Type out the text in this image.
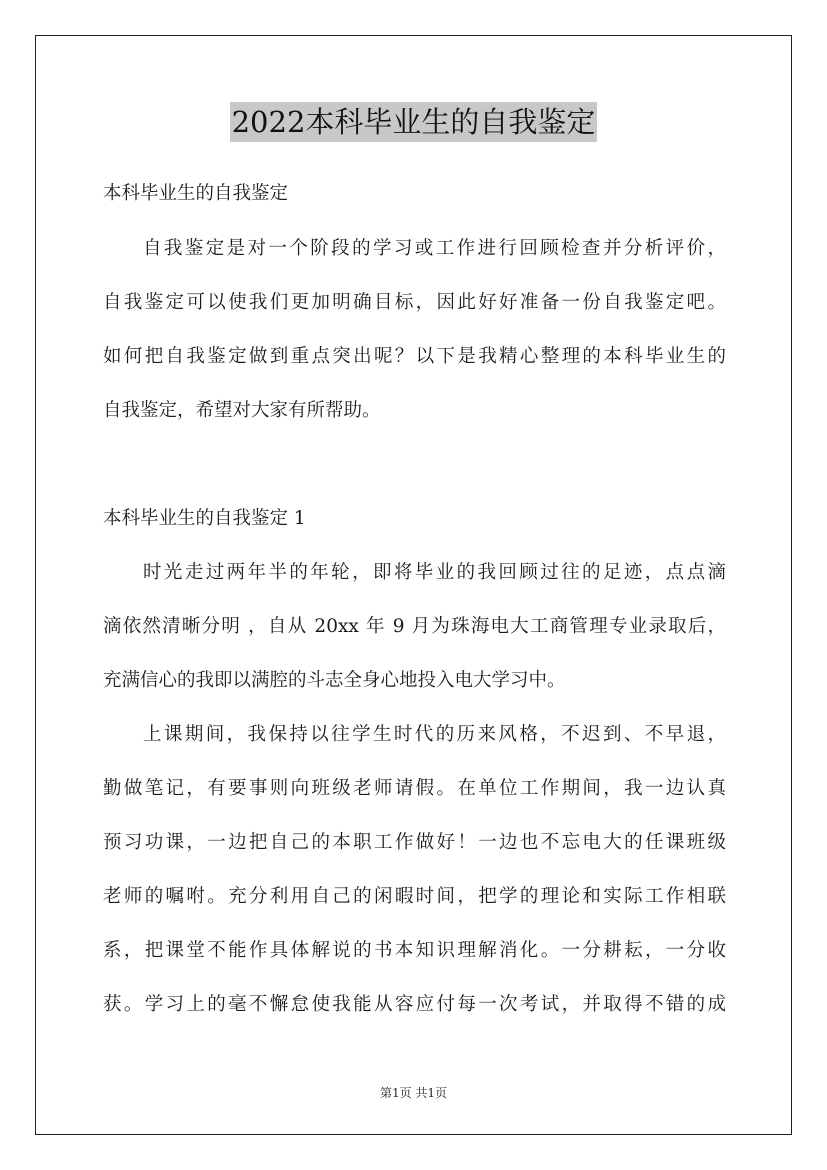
2022本科毕业生的自我鉴定
本科毕业生的自我鉴定
自我鉴定是对一个阶段的学习或工作进行回顾检查并分析评价，
自我鉴定可以使我们更加明确目标，因此好好准备一份自我鉴定吧。
如何把自我鉴定做到重点突出呢？以下是我精心整理的本科毕业生的
自我鉴定，希望对大家有所帮助。
本科毕业生的自我鉴定 1
时光走过两年半的年轮，即将毕业的我回顾过往的足迹，点点滴
滴依然清晰分明 ，自从 20xx 年 9 月为珠海电大工商管理专业录取后，
充满信心的我即以满腔的斗志全身心地投入电大学习中。
上课期间，我保持以往学生时代的历来风格，不迟到、不早退，
勤做笔记，有要事则向班级老师请假。在单位工作期间，我一边认真
预习功课，一边把自己的本职工作做好！一边也不忘电大的任课班级
老师的嘱咐。充分利用自己的闲暇时间，把学的理论和实际工作相联
系，把课堂不能作具体解说的书本知识理解消化。一分耕耘，一分收
获。学习上的毫不懈怠使我能从容应付每一次考试，并取得不错的成
第1页 共1页
